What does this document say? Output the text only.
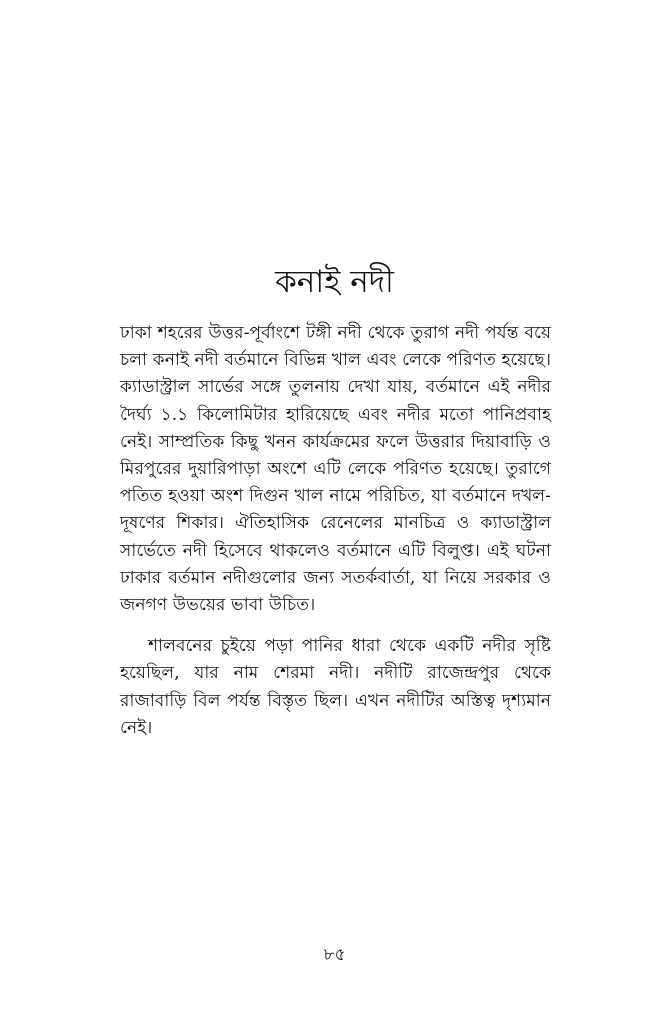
কনাই নদী

ঢাকা শহরের উত্তর-পূর্বাংশে টঙ্গী নদী থেকে তুরাগ নদী পর্যন্ত বয়ে চলা কনাই নদী বর্তমানে বিভিন্ন খাল এবং লেকে পরিণত হয়েছে। ক্যাডাস্ট্রাল সার্ভের সঙ্গে তুলনায় দেখা যায়, বর্তমানে এই নদীর দৈর্ঘ্য ১.১ কিলোমিটার হারিয়েছে এবং নদীর মতো পানিপ্রবাহ নেই। সাম্প্রতিক কিছু খনন কার্যক্রমের ফলে উত্তরার দিয়াবাড়ি ও মিরপুরের দুয়ারিপাড়া অংশে এটি লেকে পরিণত হয়েছে। তুরাগে পতিত হওয়া অংশ দিগুন খাল নামে পরিচিত, যা বর্তমানে দখল-দূষণের শিকার। ঐতিহাসিক রেনেলের মানচিত্র ও ক্যাডাস্ট্রাল সার্ভেতে নদী হিসেবে থাকলেও বর্তমানে এটি বিলুপ্ত। এই ঘটনা ঢাকার বর্তমান নদীগুলোর জন্য সতর্কবার্তা, যা নিয়ে সরকার ও জনগণ উভয়ের ভাবা উচিত।

শালবনের চুইয়ে পড়া পানির ধারা থেকে একটি নদীর সৃষ্টি হয়েছিল, যার নাম শেরমা নদী। নদীটি রাজেন্দ্রপুর থেকে রাজাবাড়ি বিল পর্যন্ত বিস্তৃত ছিল। এখন নদীটির অস্তিত্ব দৃশ্যমান নেই।

৮৫
